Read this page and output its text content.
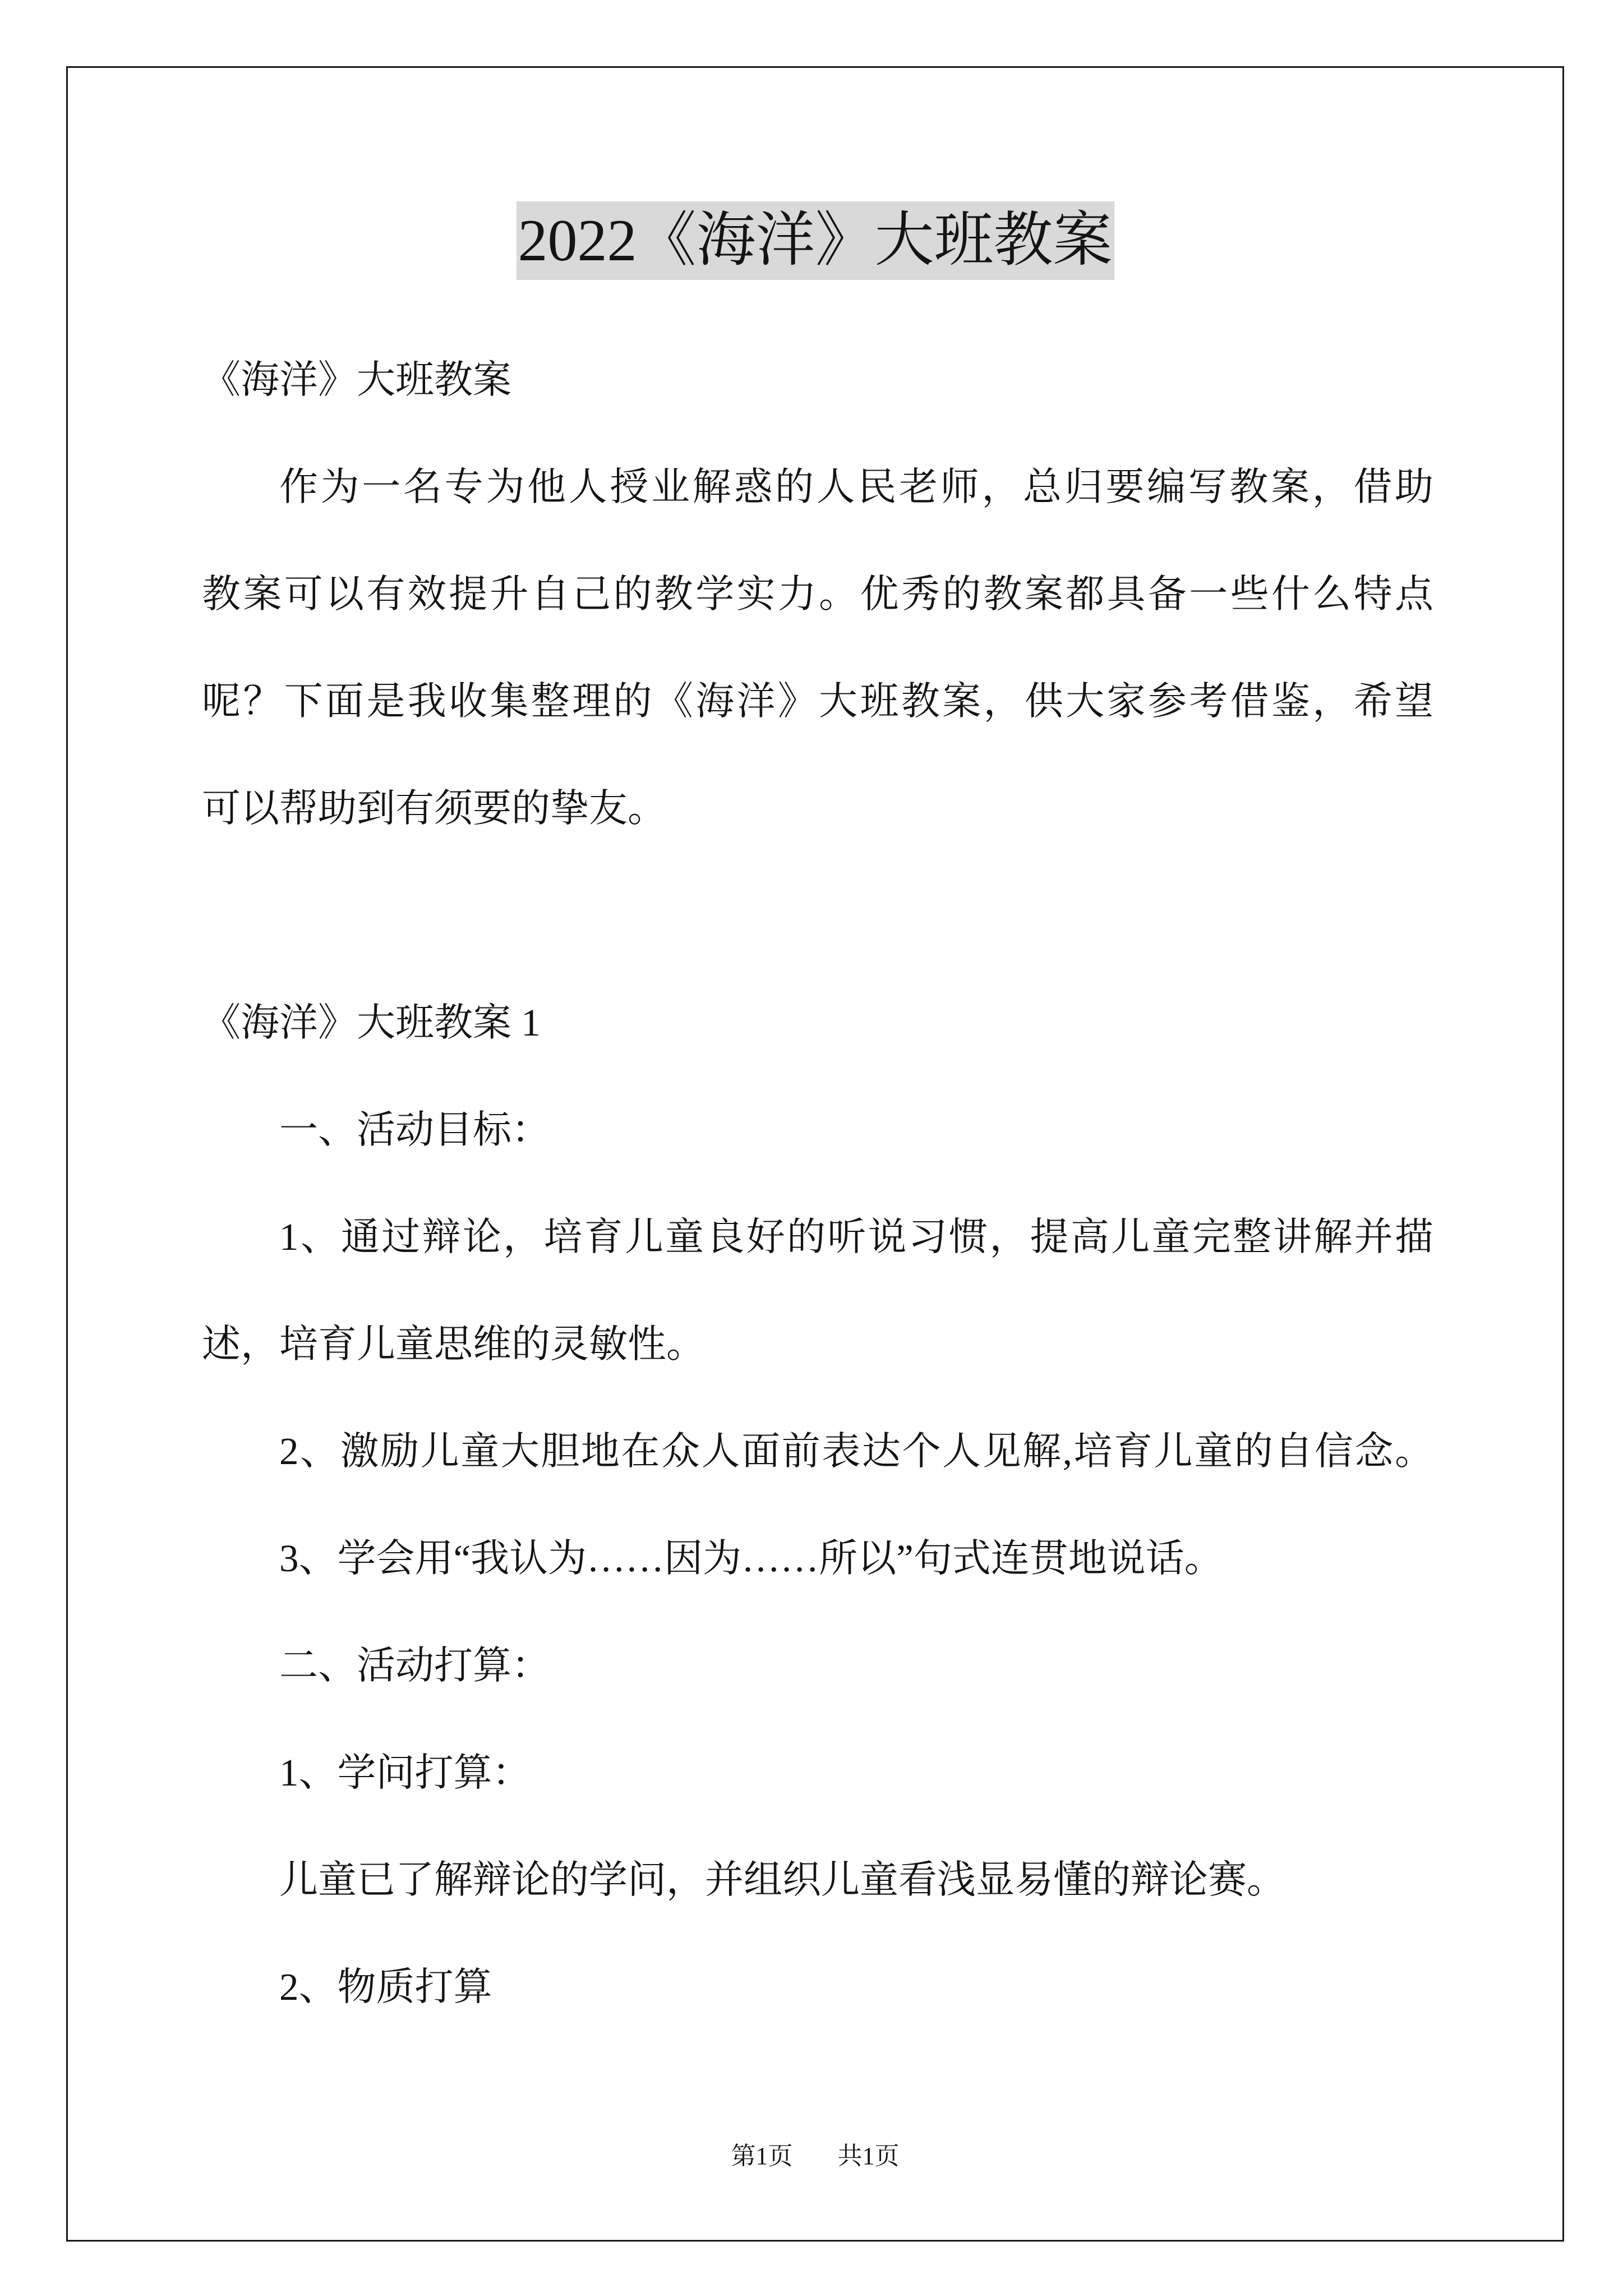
2022《海洋》大班教案
《海洋》大班教案
作为一名专为他人授业解惑的人民老师，总归要编写教案，借助
教案可以有效提升自己的教学实力。优秀的教案都具备一些什么特点
呢？下面是我收集整理的《海洋》大班教案，供大家参考借鉴，希望
可以帮助到有须要的挚友。
《海洋》大班教案 1
一、活动目标：
1、通过辩论，培育儿童良好的听说习惯，提高儿童完整讲解并描
述，培育儿童思维的灵敏性。
2、激励儿童大胆地在众人面前表达个人见解,培育儿童的自信念。
3、学会用“我认为……因为……所以”句式连贯地说话。
二、活动打算：
1、学问打算：
儿童已了解辩论的学问，并组织儿童看浅显易懂的辩论赛。
2、物质打算
第1页 共1页
